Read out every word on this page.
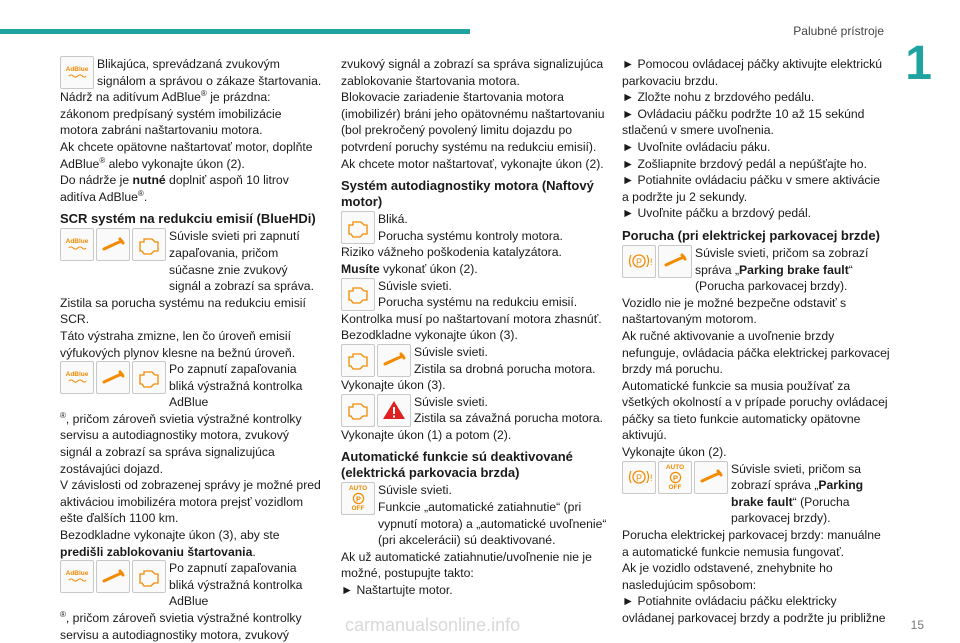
Palubné prístroje
1
AdBlue Blikajúca, sprevádzaná zvukovým signálom a správou o zákaze štartovania.

Nádrž na aditívum AdBlue® je prázdna: zákonom predpísaný systém imobilizácie motora zabráni naštartovaniu motora.

Ak chcete opätovne naštartovať motor, doplňte AdBlue® alebo vykonajte úkon (2).

Do nádrže je nutné doplniť aspoň 10 litrov aditíva AdBlue®.

SCR systém na redukciu emisií (BlueHDi)
AdBlue	Súvisle svieti pri zapnutí zapaľovania, pričom súčasne znie zvukový signál a zobrazí sa správa.

Zistila sa porucha systému na redukciu emisií SCR.

Táto výstraha zmizne, len čo úroveň emisií výfukových plynov klesne na bežnú úroveň.

AdBlue	Po zapnutí zapaľovania bliká výstražná kontrolka AdBlue

®, pričom zároveň svietia výstražné kontrolky servisu a autodiagnostiky motora, zvukový signál a zobrazí sa správa signalizujúca zostávajúci dojazd.

V závislosti od zobrazenej správy je možné pred aktiváciou imobilizéra motora prejsť vozidlom ešte ďalších 1100 km.

Bezodkladne vykonajte úkon (3), aby ste predišli zablokovaniu štartovania.

AdBlue	Po zapnutí zapaľovania bliká výstražná kontrolka AdBlue

®, pričom zároveň svietia výstražné kontrolky servisu a autodiagnostiky motora, zvukový

zvukový signál a zobrazí sa správa signalizujúca zablokovanie štartovania motora.

Blokovacie zariadenie štartovania motora (imobilizér) bráni jeho opätovnému naštartovaniu (bol prekročený povolený limitu dojazdu po potvrdení poruchy systému na redukciu emisií).

Ak chcete motor naštartovať, vykonajte úkon (2).

Systém autodiagnostiky motora (Naftový motor)

Bliká.

Porucha systému kontroly motora.

Riziko vážneho poškodenia katalyzátora.

Musíte vykonať úkon (2).

Súvisle svieti.

Porucha systému na redukciu emisií.

Kontrolka musí po naštartovaní motora zhasnúť.

Bezodkladne vykonajte úkon (3).

Súvisle svieti.

Zistila sa drobná porucha motora.

Vykonajte úkon (3).

Súvisle svieti.

Zistila sa závažná porucha motora.

Vykonajte úkon (1) a potom (2).

Automatické funkcie sú deaktivované (elektrická parkovacia brzda)
AUTO
P
OFF

Súvisle svieti.

Funkcie „automatické zatiahnutie“ (pri vypnutí motora) a „automatické uvoľnenie“ (pri akcelerácii) sú deaktivované.

Ak už automatické zatiahnutie/uvoľnenie nie je možné, postupujte takto:

► Naštartujte motor.

► Pomocou ovládacej páčky aktivujte elektrickú parkovaciu brzdu.

► Zložte nohu z brzdového pedálu.

► Ovládaciu páčku podržte 10 až 15 sekúnd stlačenú v smere uvoľnenia.

► Uvoľnite ovládaciu páku.

► Zošliapnite brzdový pedál a nepúšťajte ho.

► Potiahnite ovládaciu páčku v smere aktivácie a podržte ju 2 sekundy.

► Uvoľnite páčku a brzdový pedál.

Porucha (pri elektrickej parkovacej brzde)
P !

Súvisle svieti, pričom sa zobrazí správa „Parking brake fault“ (Porucha parkovacej brzdy).

Vozidlo nie je možné bezpečne odstaviť s naštartovaným motorom.

Ak ručné aktivovanie a uvoľnenie brzdy nefunguje, ovládacia páčka elektrickej parkovacej brzdy má poruchu.

Automatické funkcie sa musia používať za všetkých okolností a v prípade poruchy ovládacej páčky sa tieto funkcie automaticky opätovne aktivujú.

Vykonajte úkon (2).

P !
AUTO
P
OFF

Súvisle svieti, pričom sa zobrazí správa „Parking brake fault“ (Porucha parkovacej brzdy).

Porucha elektrickej parkovacej brzdy: manuálne a automatické funkcie nemusia fungovať.

Ak je vozidlo odstavené, znehybnite ho nasledujúcim spôsobom:

► Potiahnite ovládaciu páčku elektricky ovládanej parkovacej brzdy a podržte ju približne

carmanualsonline.info	15
